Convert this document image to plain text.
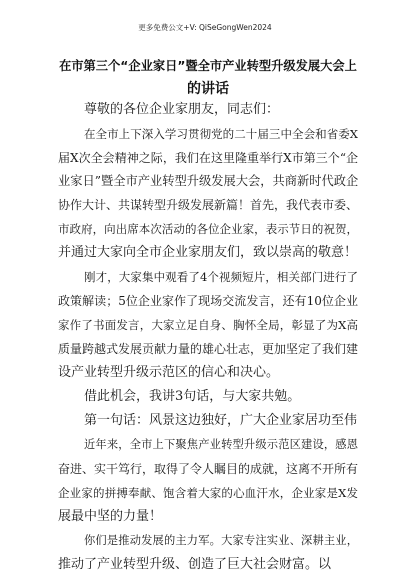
更多免费公文+V: QiSeGongWen2024
在市第三个“企业家日”暨全市产业转型升级发展大会上
的讲话
尊敬的各位企业家朋友，同志们：
在全市上下深入学习贯彻党的二十届三中全会和省委X
届X次全会精神之际，我们在这里隆重举行X市第三个“企
业家日”暨全市产业转型升级发展大会，共商新时代政企
协作大计、共谋转型升级发展新篇！首先，我代表市委、
市政府，向出席本次活动的各位企业家，表示节日的祝贺，
并通过大家向全市企业家朋友们，致以崇高的敬意！
刚才，大家集中观看了4个视频短片，相关部门进行了
政策解读；5位企业家作了现场交流发言，还有10位企业
家作了书面发言，大家立足自身、胸怀全局，彰显了为X高
质量跨越式发展贡献力量的雄心壮志，更加坚定了我们建
设产业转型升级示范区的信心和决心。
借此机会，我讲3句话，与大家共勉。
第一句话：风景这边独好，广大企业家居功至伟
近年来，全市上下聚焦产业转型升级示范区建设，感恩
奋进、实干笃行，取得了令人瞩目的成就，这离不开所有
企业家的拼搏奉献、饱含着大家的心血汗水，企业家是X发
展最中坚的力量！
你们是推动发展的主力军。大家专注实业、深耕主业，
推动了产业转型升级、创造了巨大社会财富。以
